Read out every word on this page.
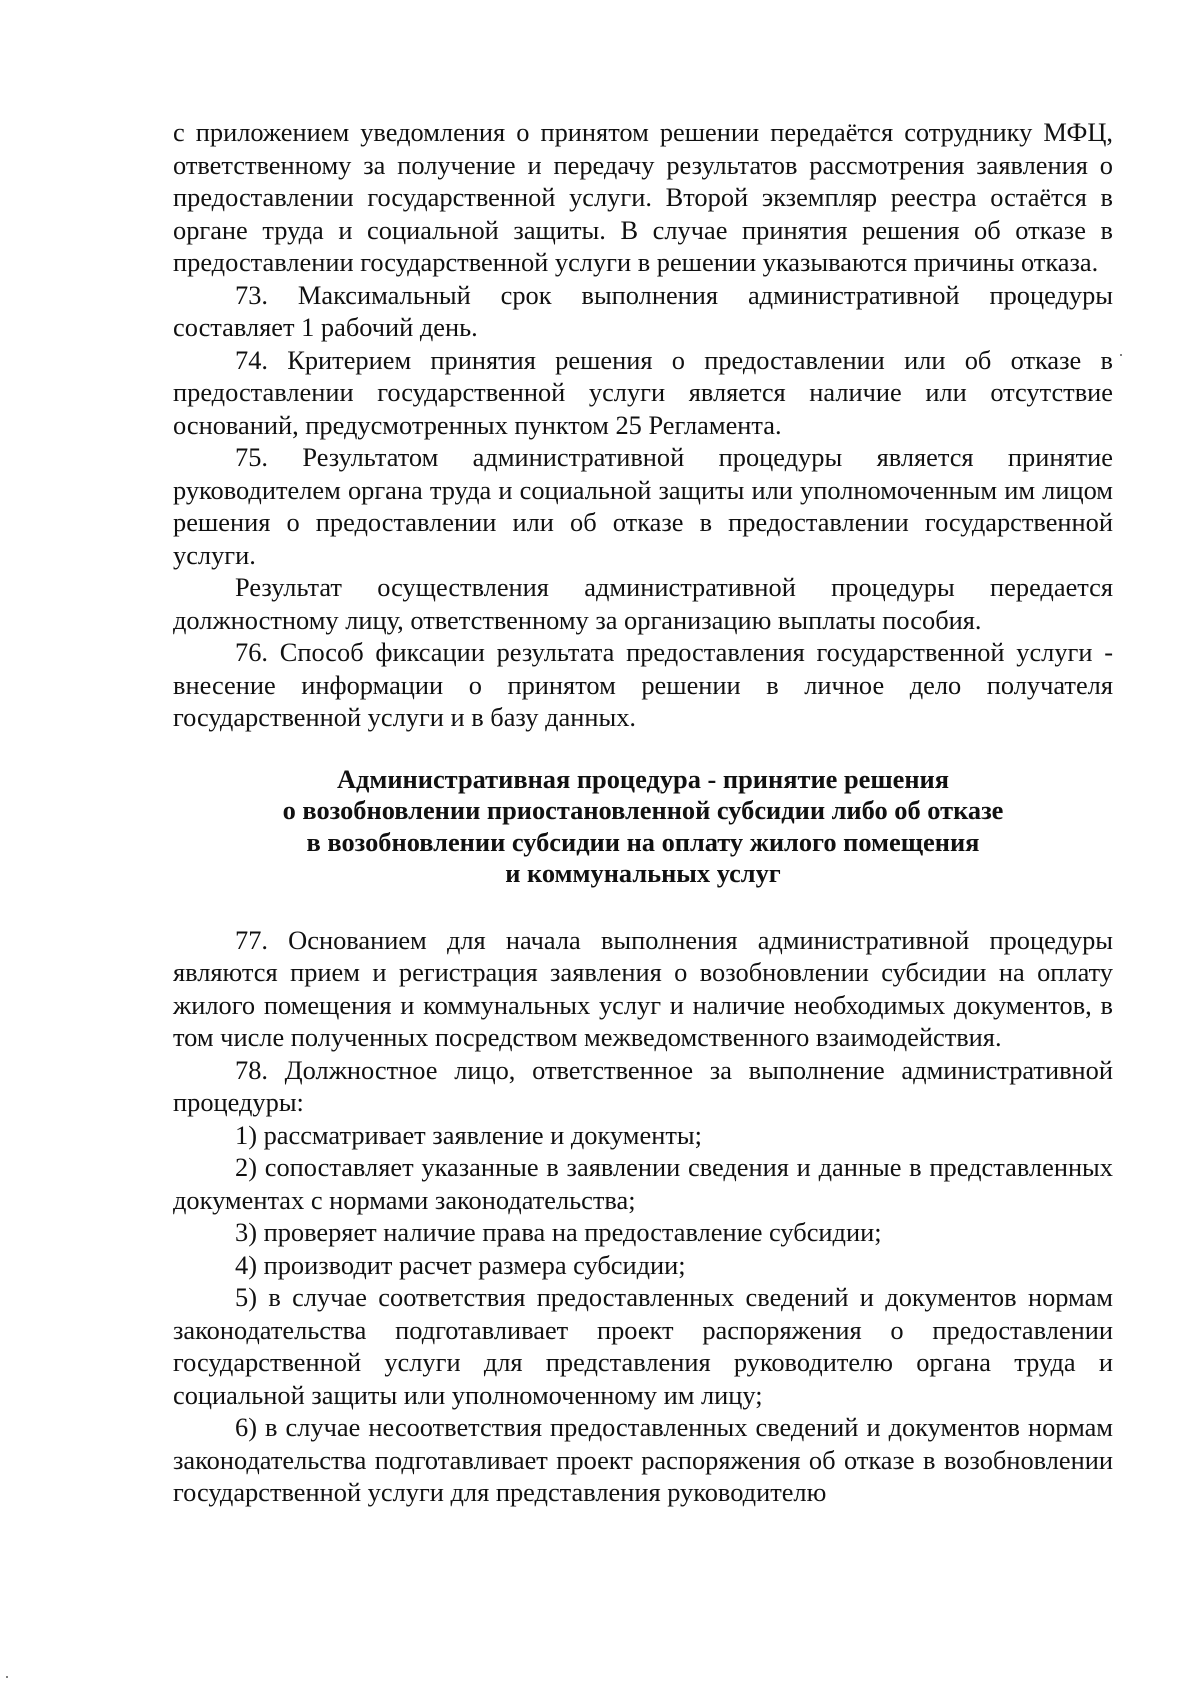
с приложением уведомления о принятом решении передаётся сотруднику МФЦ, ответственному за получение и передачу результатов рассмотрения заявления о предоставлении государственной услуги. Второй экземпляр реестра остаётся в органе труда и социальной защиты. В случае принятия решения об отказе в предоставлении государственной услуги в решении указываются причины отказа.

73. Максимальный срок выполнения административной процедуры составляет 1 рабочий день.

74. Критерием принятия решения о предоставлении или об отказе в предоставлении государственной услуги является наличие или отсутствие оснований, предусмотренных пунктом 25 Регламента.

75. Результатом административной процедуры является принятие руководителем органа труда и социальной защиты или уполномоченным им лицом решения о предоставлении или об отказе в предоставлении государственной услуги.

Результат осуществления административной процедуры передается должностному лицу, ответственному за организацию выплаты пособия.

76. Способ фиксации результата предоставления государственной услуги - внесение информации о принятом решении в личное дело получателя государственной услуги и в базу данных.

Административная процедура - принятие решения
о возобновлении приостановленной субсидии либо об отказе
в возобновлении субсидии на оплату жилого помещения
и коммунальных услуг

77. Основанием для начала выполнения административной процедуры являются прием и регистрация заявления о возобновлении субсидии на оплату жилого помещения и коммунальных услуг и наличие необходимых документов, в том числе полученных посредством межведомственного взаимодействия.

78. Должностное лицо, ответственное за выполнение административной процедуры:

1) рассматривает заявление и документы;

2) сопоставляет указанные в заявлении сведения и данные в представленных документах с нормами законодательства;

3) проверяет наличие права на предоставление субсидии;

4) производит расчет размера субсидии;

5) в случае соответствия предоставленных сведений и документов нормам законодательства подготавливает проект распоряжения о предоставлении государственной услуги для представления руководителю органа труда и социальной защиты или уполномоченному им лицу;

6) в случае несоответствия предоставленных сведений и документов нормам законодательства подготавливает проект распоряжения об отказе в возобновлении государственной услуги для представления руководителю
